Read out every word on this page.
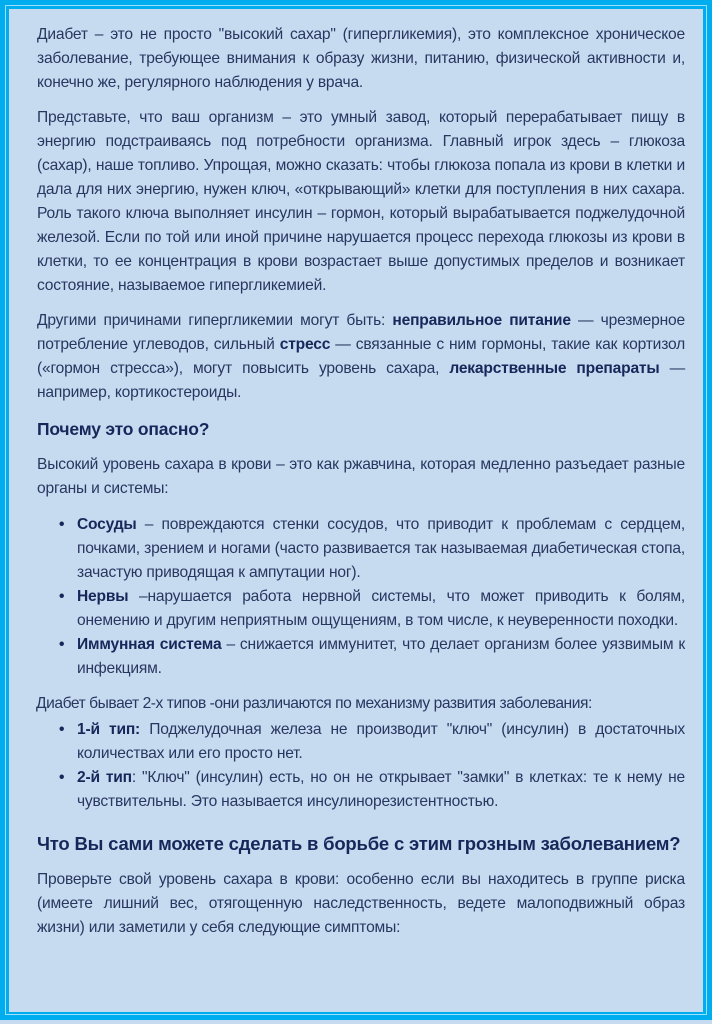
Диабет – это не просто "высокий сахар" (гипергликемия), это комплексное хроническое заболевание, требующее внимания к образу жизни, питанию, физической активности и, конечно же, регулярного наблюдения у врача.

Представьте, что ваш организм – это умный завод, который перерабатывает пищу в энергию подстраиваясь под потребности организма. Главный игрок здесь – глюкоза (сахар), наше топливо. Упрощая, можно сказать: чтобы глюкоза попала из крови в клетки и дала для них энергию, нужен ключ, «открывающий» клетки для поступления в них сахара. Роль такого ключа выполняет инсулин – гормон, который вырабатывается поджелудочной железой. Если по той или иной причине нарушается процесс перехода глюкозы из крови в клетки, то ее концентрация в крови возрастает выше допустимых пределов и возникает состояние, называемое гипергликемией.

Другими причинами гипергликемии могут быть: неправильное питание — чрезмерное потребление углеводов, сильный стресс — связанные с ним гормоны, такие как кортизол («гормон стресса»), могут повысить уровень сахара, лекарственные препараты —например, кортикостероиды.

Почему это опасно?

Высокий уровень сахара в крови – это как ржавчина, которая медленно разъедает разные органы и системы:

• Сосуды – повреждаются стенки сосудов, что приводит к проблемам с сердцем, почками, зрением и ногами (часто развивается так называемая диабетическая стопа, зачастую приводящая к ампутации ног).
• Нервы –нарушается работа нервной системы, что может приводить к болям, онемению и другим неприятным ощущениям, в том числе, к неуверенности походки.
• Иммунная система – снижается иммунитет, что делает организм более уязвимым к инфекциям.

Диабет бывает 2-х типов -они различаются по механизму развития заболевания:

• 1-й тип: Поджелудочная железа не производит "ключ" (инсулин) в достаточных количествах или его просто нет.
• 2-й тип: "Ключ" (инсулин) есть, но он не открывает "замки" в клетках: те к нему не чувствительны. Это называется инсулинорезистентностью.
Что Вы сами можете сделать в борьбе с этим грозным заболеванием?

Проверьте свой уровень сахара в крови: особенно если вы находитесь в группе риска (имеете лишний вес, отягощенную наследственность, ведете малоподвижный образ жизни) или заметили у себя следующие симптомы:
